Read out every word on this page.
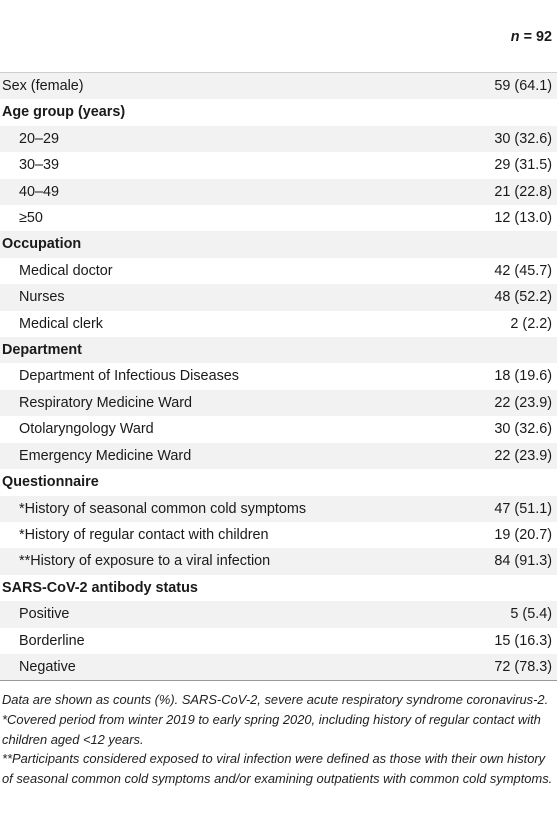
	n = 92
Sex (female)	59 (64.1)
Age group (years)	
20–29	30 (32.6)
30–39	29 (31.5)
40–49	21 (22.8)
≥50	12 (13.0)
Occupation	
Medical doctor	42 (45.7)
Nurses	48 (52.2)
Medical clerk	2 (2.2)
Department	
Department of Infectious Diseases	18 (19.6)
Respiratory Medicine Ward	22 (23.9)
Otolaryngology Ward	30 (32.6)
Emergency Medicine Ward	22 (23.9)
Questionnaire	
*History of seasonal common cold symptoms	47 (51.1)
*History of regular contact with children	19 (20.7)
**History of exposure to a viral infection	84 (91.3)
SARS-CoV-2 antibody status	
Positive	5 (5.4)
Borderline	15 (16.3)
Negative	72 (78.3)

Data are shown as counts (%). SARS-CoV-2, severe acute respiratory syndrome coronavirus-2.

*Covered period from winter 2019 to early spring 2020, including history of regular contact with children aged <12 years.

**Participants considered exposed to viral infection were defined as those with their own history of seasonal common cold symptoms and/or examining outpatients with common cold symptoms.
